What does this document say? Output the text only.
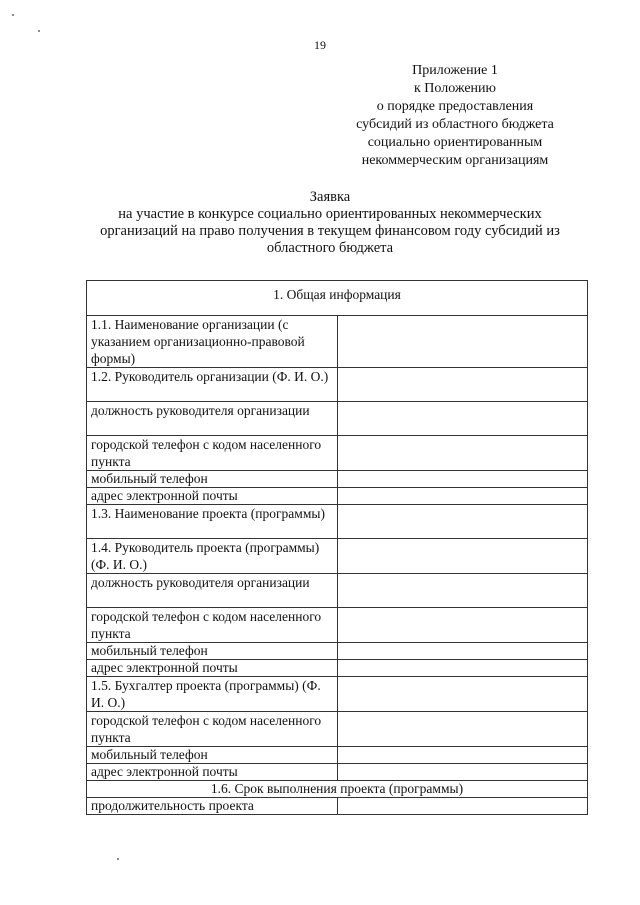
19
Приложение 1
к Положению
о порядке предоставления
субсидий из областного бюджета
социально ориентированным
некоммерческим организациям
Заявка
на участие в конкурсе социально ориентированных некоммерческих
организаций на право получения в текущем финансовом году субсидий из
областного бюджета
1. Общая информация	
1.1. Наименование организации (с указанием организационно-правовой формы)	
1.2. Руководитель организации (Ф. И. О.)	
должность руководителя организации	
городской телефон с кодом населенного пункта	
мобильный телефон	
адрес электронной почты	
1.3. Наименование проекта (программы)	
1.4. Руководитель проекта (программы) (Ф. И. О.)	
должность руководителя организации	
городской телефон с кодом населенного пункта	
мобильный телефон	
адрес электронной почты	
1.5. Бухгалтер проекта (программы) (Ф. И. О.)	
городской телефон с кодом населенного пункта	
мобильный телефон	
адрес электронной почты	
1.6. Срок выполнения проекта (программы)	
продолжительность проекта	
